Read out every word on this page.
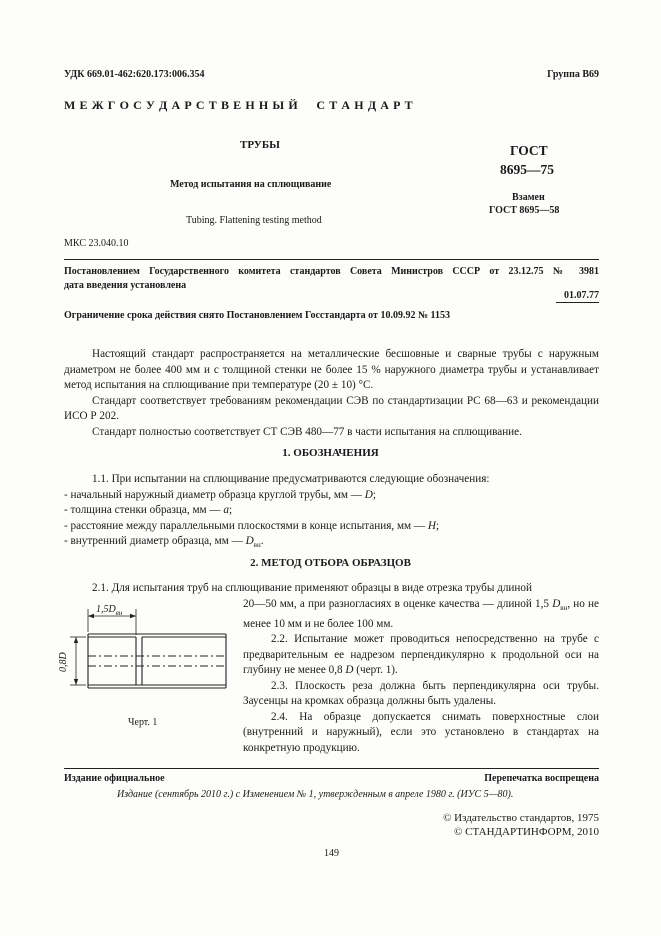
УДК 669.01-462:620.173:006.354	Группа В69
М Е Ж Г О С У Д А Р С Т В Е Н Н Ы Й     С Т А Н Д А Р Т
ТРУБЫ
Метод испытания на сплющивание
Tubing. Flattening testing method
МКС 23.040.10
ГОСТ
8695—75
Взамен
ГОСТ 8695—58
Постановлением Государственного комитета стандартов Совета Министров СССР от 23.12.75 № 3981
дата введения установлена
01.07.77
Ограничение срока действия снято Постановлением Госстандарта от 10.09.92 № 1153

Настоящий стандарт распространяется на металлические бесшовные и сварные трубы с наружным диаметром не более 400 мм и с толщиной стенки не более 15 % наружного диаметра трубы и устанавливает метод испытания на сплющивание при температуре (20 ± 10) °С.

Стандарт соответствует требованиям рекомендации СЭВ по стандартизации PC 68—63 и рекомендации ИСО Р 202.

Стандарт полностью соответствует СТ СЭВ 480—77 в части испытания на сплющивание.

1. ОБОЗНАЧЕНИЯ

1.1. При испытании на сплющивание предусматриваются следующие обозначения:

- начальный наружный диаметр образца круглой трубы, мм — D;

- толщина стенки образца, мм — a;

- расстояние между параллельными плоскостями в конце испытания, мм — H;

- внутренний диаметр образца, мм — $D_{вн}$.

2. МЕТОД ОТБОРА ОБРАЗЦОВ

2.1. Для испытания труб на сплющивание применяют образцы в виде отрезка трубы длиной

20—50 мм, а при разногласиях в оценке качества — длиной 1,5 $D_{вн}$, но не менее 10 мм и не более 100 мм.

2.2. Испытание может проводиться непосредственно на трубе с предварительным ее надрезом перпендикулярно к продольной оси на глубину не менее 0,8 D (черт. 1).

2.3. Плоскость реза должна быть перпендикулярна оси трубы. Заусенцы на кромках образца должны быть удалены.

2.4. На образце допускается снимать поверхностные слои (внутренний и наружный), если это установлено в стандартах на конкретную продукцию.

$1,5D_{вн}$
0,8D
Черт. 1
Издание официальное	Перепечатка воспрещена
Издание (сентябрь 2010 г.) с Изменением № 1, утвержденным в апреле 1980 г. (ИУС 5—80).
© Издательство стандартов, 1975
© СТАНДАРТИНФОРМ, 2010
149
